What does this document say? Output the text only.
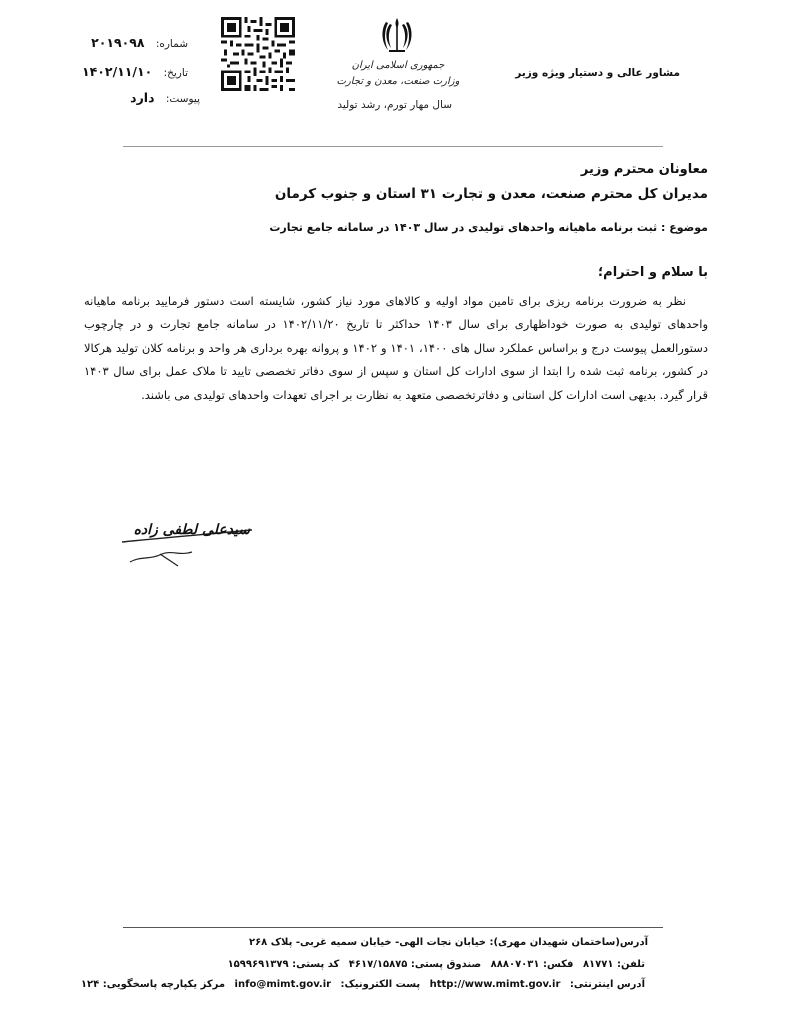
شماره: ۲۰۱۹۰۹۸
تاریخ: ۱۴۰۲/۱۱/۱۰
پیوست: دارد
جمهوری اسلامی ایران
وزارت صنعت، معدن و تجارت
سال مهار تورم، رشد تولید
مشاور عالی و دستیار ویژه وزیر
معاونان محترم وزیر
مدیران کل محترم صنعت، معدن و تجارت ۳۱ استان و جنوب کرمان
موضوع : ثبت برنامه ماهیانه واحدهای تولیدی در سال ۱۴۰۳ در سامانه جامع تجارت
با سلام و احترام؛

نظر به ضرورت برنامه ریزی برای تامین مواد اولیه و کالاهای مورد نیاز کشور، شایسته است دستور فرمایید برنامه ماهیانه واحدهای تولیدی به صورت خوداظهاری برای سال ۱۴۰۳ حداکثر تا تاریخ ۱۴۰۲/۱۱/۲۰ در سامانه جامع تجارت و در چارچوب دستورالعمل پیوست درج و براساس عملکرد سال های ۱۴۰۰، ۱۴۰۱ و ۱۴۰۲ و پروانه بهره برداری هر واحد و برنامه کلان تولید هرکالا در کشور، برنامه ثبت شده را ابتدا از سوی ادارات کل استان و سپس از سوی دفاتر تخصصی تایید تا ملاک عمل برای سال ۱۴۰۳ قرار گیرد. بدیهی است ادارات کل استانی و دفاترتخصصی متعهد به نظارت بر اجرای تعهدات واحدهای تولیدی می باشند.

سیدعلی لطفی زاده
آدرس(ساختمان شهیدان مهری): خیابان نجات الهی- خیابان سمیه غربی- پلاک ۲۶۸
تلفن: ۸۱۷۷۱ فکس: ۸۸۸۰۷۰۳۱ صندوق پستی: ۴۶۱۷/۱۵۸۷۵ کد پستی: ۱۵۹۹۶۹۱۳۷۹
آدرس اینترنتی: http://www.mimt.gov.ir پست الکترونیک: info@mimt.gov.ir مرکز یکپارچه پاسخگویی: ۱۲۴
